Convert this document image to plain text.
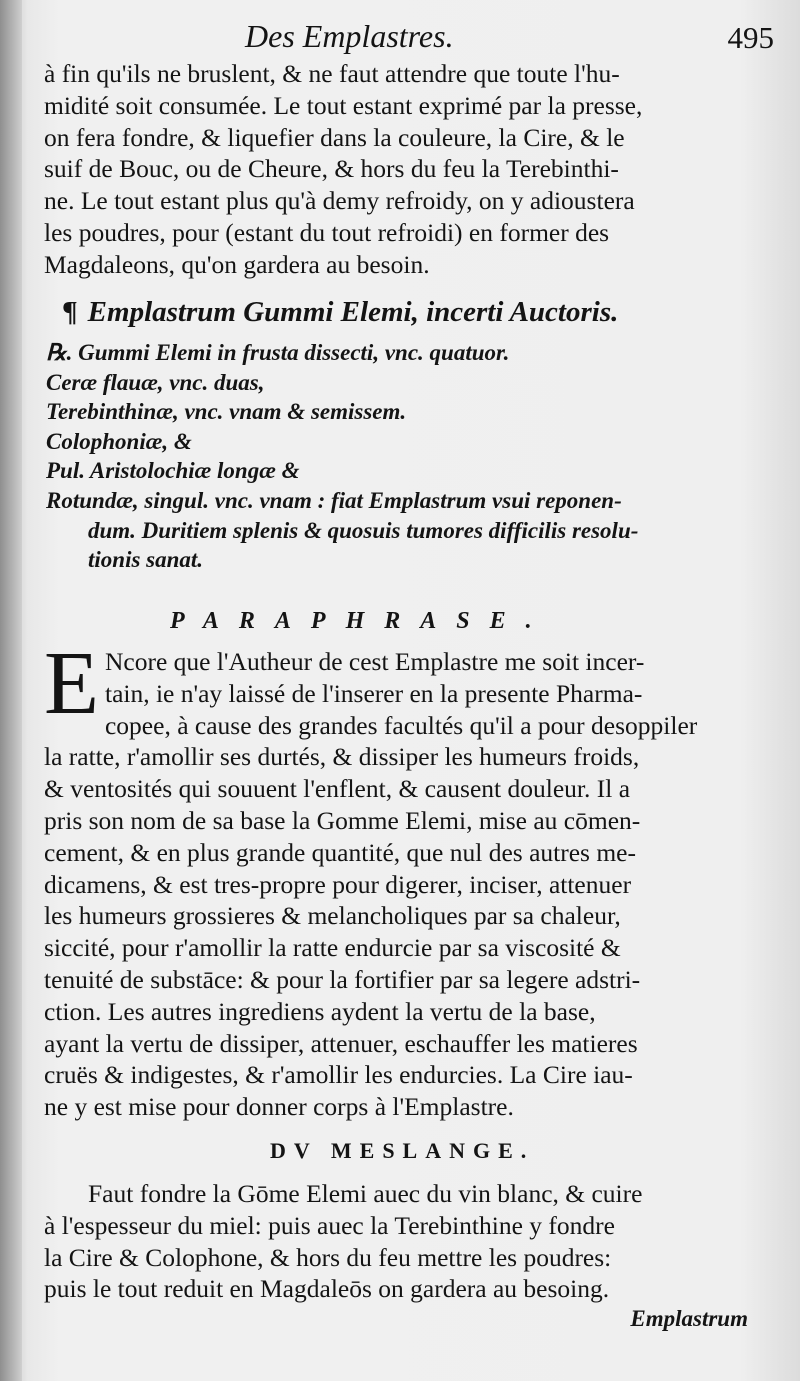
Des Emplastres.	495

à fin qu'ils ne bruslent, & ne faut attendre que toute l'hu-

midité soit consumée. Le tout estant exprimé par la presse,

on fera fondre, & liquefier dans la couleure, la Cire, & le

suif de Bouc, ou de Cheure, & hors du feu la Terebinthi-

ne. Le tout estant plus qu'à demy refroidy, on y adioustera

les poudres, pour (estant du tout refroidi) en former des

Magdaleons, qu'on gardera au besoin.

¶ Emplastrum Gummi Elemi, incerti Auctoris.
℞. Gummi Elemi in frusta dissecti, vnc. quatuor.
Ceræ flauæ, vnc. duas,
Terebinthinæ, vnc. vnam & semissem.
Colophoniæ, &
Pul. Aristolochiæ longæ &
Rotundæ, singul. vnc. vnam : fiat Emplastrum vsui reponen-
dum. Duritiem splenis & quosuis tumores difficilis resolu-
tionis sanat.
PARAPHRASE.
E Ncore que l'Autheur de cest Emplastre me soit incer-

tain, ie n'ay laissé de l'inserer en la presente Pharma-

copee, à cause des grandes facultés qu'il a pour desoppiler

la ratte, r'amollir ses durtés, & dissiper les humeurs froids,

& ventosités qui souuent l'enflent, & causent douleur. Il a

pris son nom de sa base la Gomme Elemi, mise au cōmen-

cement, & en plus grande quantité, que nul des autres me-

dicamens, & est tres-propre pour digerer, inciser, attenuer

les humeurs grossieres & melancholiques par sa chaleur,

siccité, pour r'amollir la ratte endurcie par sa viscosité &

tenuité de substāce: & pour la fortifier par sa legere adstri-

ction. Les autres ingrediens aydent la vertu de la base,

ayant la vertu de dissiper, attenuer, eschauffer les matieres

cruës & indigestes, & r'amollir les endurcies. La Cire iau-

ne y est mise pour donner corps à l'Emplastre.

DV MESLANGE.

Faut fondre la Gōme Elemi auec du vin blanc, & cuire

à l'espesseur du miel: puis auec la Terebinthine y fondre

la Cire & Colophone, & hors du feu mettre les poudres:

puis le tout reduit en Magdaleōs on gardera au besoing.

Emplastrum
